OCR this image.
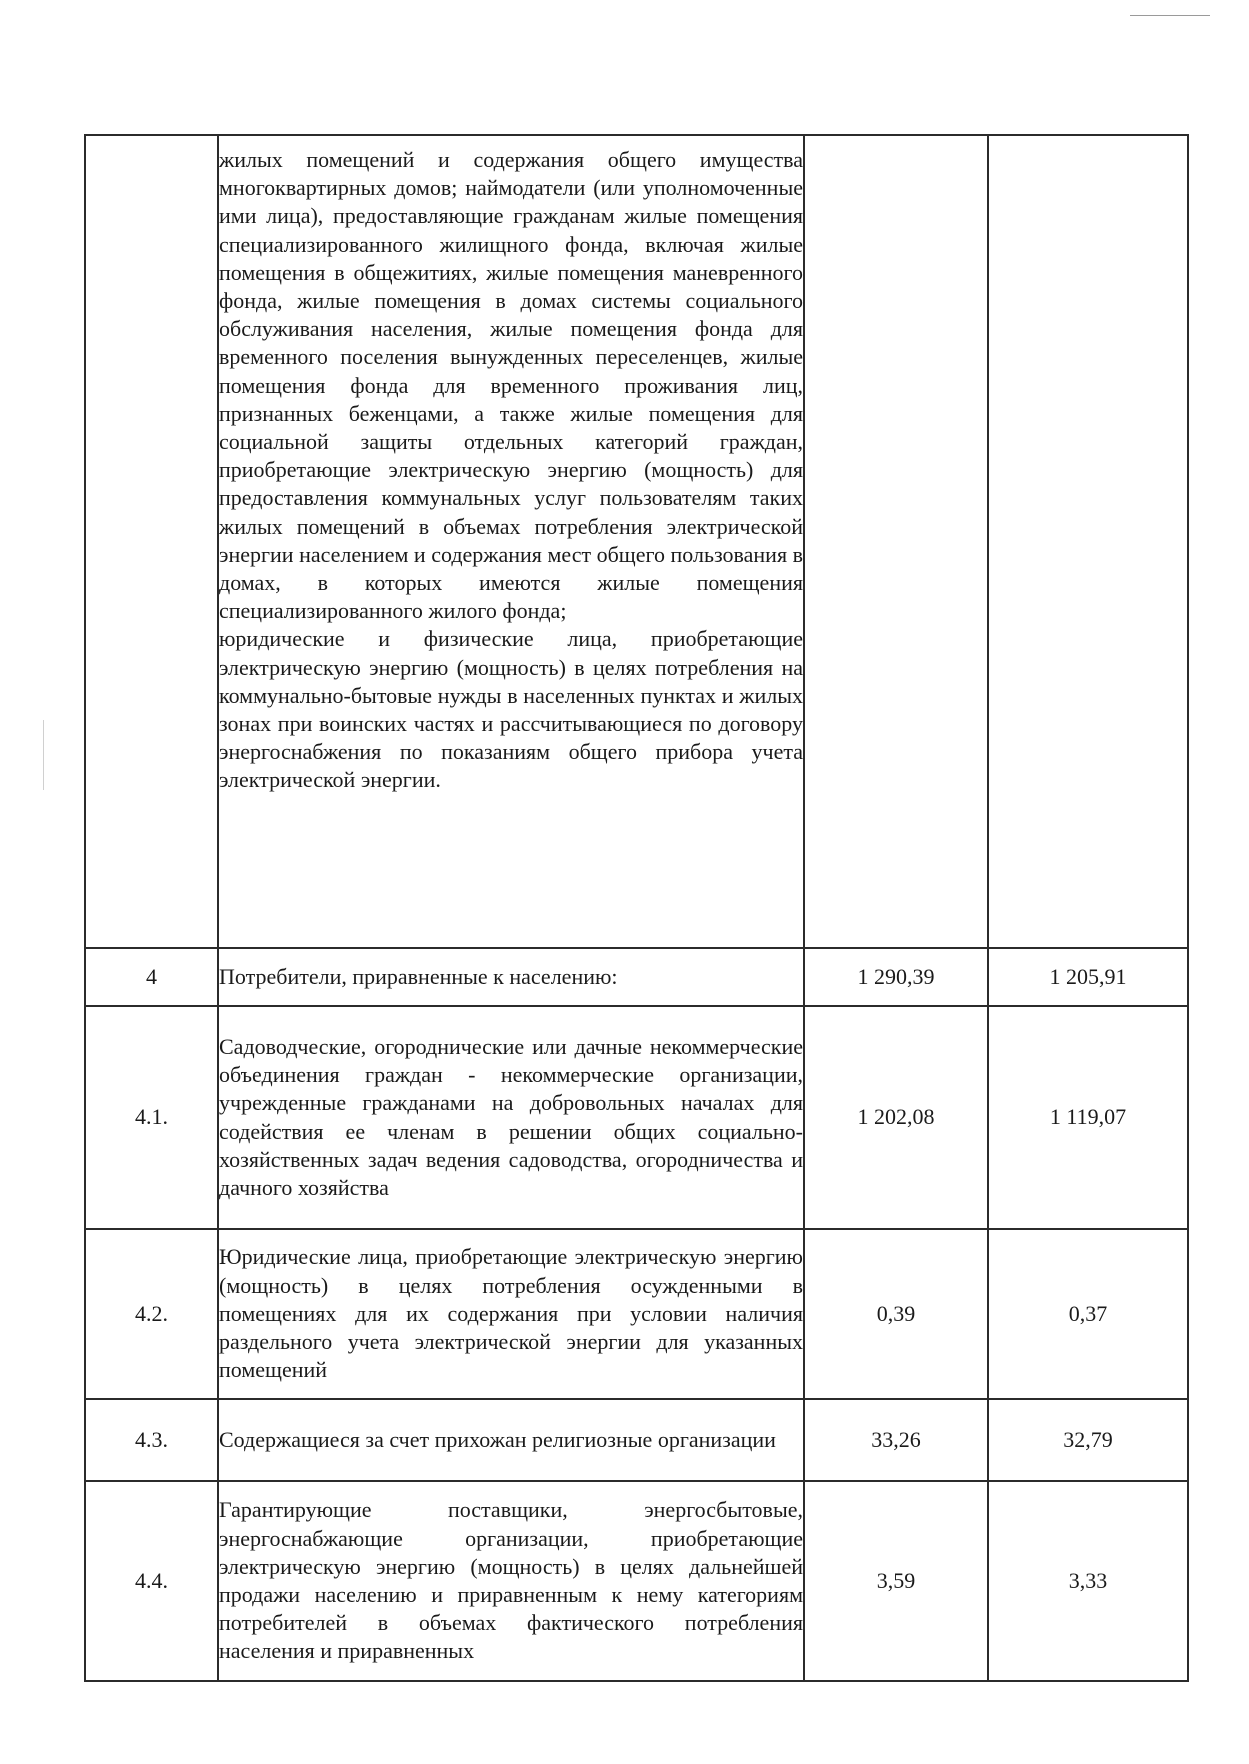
	жилых помещений и содержания общего имущества многоквартирных домов; наймодатели (или уполномоченные ими лица), предоставляющие гражданам жилые помещения специализированного жилищного фонда, включая жилые помещения в общежитиях, жилые помещения маневренного фонда, жилые помещения в домах системы социального обслуживания населения, жилые помещения фонда для временного поселения вынужденных переселенцев, жилые помещения фонда для временного проживания лиц, признанных беженцами, а также жилые помещения для социальной защиты отдельных категорий граждан, приобретающие электрическую энергию (мощность) для предоставления коммунальных услуг пользователям таких жилых помещений в объемах потребления электрической энергии населением и содержания мест общего пользования в домах, в которых имеются жилые помещения специализированного жилого фонда;
юридические и физические лица, приобретающие электрическую энергию (мощность) в целях потребления на коммунально-бытовые нужды в населенных пунктах и жилых зонах при воинских частях и рассчитывающиеся по договору энергоснабжения по показаниям общего прибора учета электрической энергии.		

4	Потребители, приравненные к населению:	1 290,39	1 205,91
4.1.	Садоводческие, огороднические или дачные некоммерческие объединения граждан - некоммерческие организации, учрежденные гражданами на добровольных началах для содействия ее членам в решении общих социально-хозяйственных задач ведения садоводства, огородничества и дачного хозяйства	1 202,08	1 119,07
4.2.	Юридические лица, приобретающие электрическую энергию (мощность) в целях потребления осужденными в помещениях для их содержания при условии наличия раздельного учета электрической энергии для указанных помещений	0,39	0,37
4.3.	Содержащиеся за счет прихожан религиозные организации	33,26	32,79
4.4.	Гарантирующие поставщики, энергосбытовые, энергоснабжающие организации, приобретающие электрическую энергию (мощность) в целях дальнейшей продажи населению и приравненным к нему категориям потребителей в объемах фактического потребления населения и приравненных	3,59	3,33
